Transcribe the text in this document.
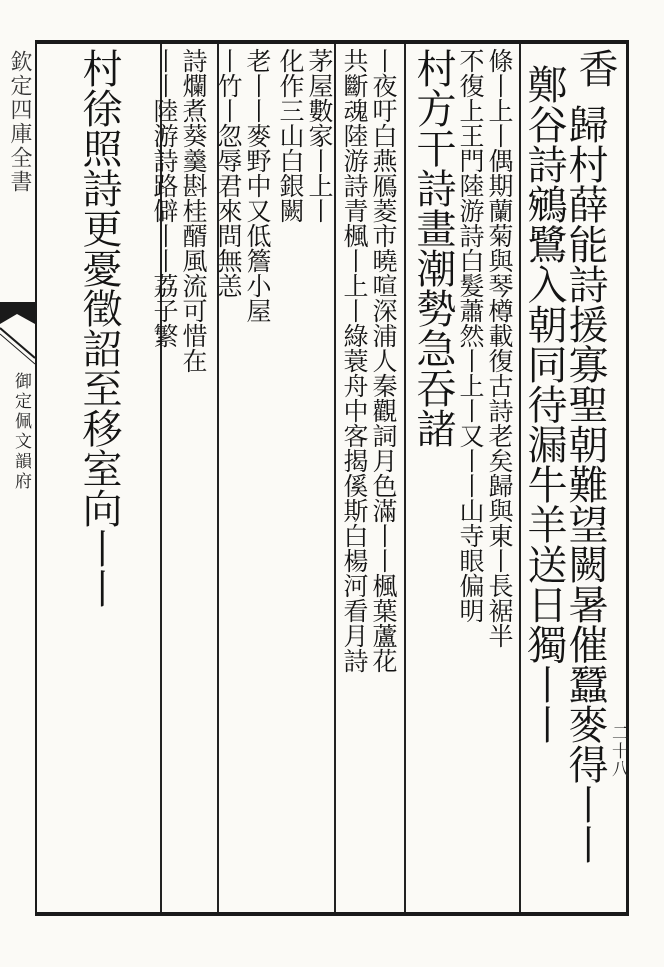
欽定四庫全書
御定佩文韻府
香
歸村薛能詩援寡聖朝難望闕暑催蠶麥得丨丨
鄭谷詩鵷鷺入朝同待漏牛羊送日獨丨丨
條丨上丨偶期蘭菊與琴樽載復古詩老矣歸與東丨長裾半
不復上王門陸游詩白髮蕭然丨上丨又丨丨山寺眼偏明
村方干詩畫潮勢急吞諸
丨夜吁白燕鴈菱市曉喧深浦人秦觀詞月色滿丨丨楓葉蘆花
共斷魂陸游詩青楓丨上丨綠蓑舟中客揭傒斯白楊河看月詩
茅屋數家丨上丨
化作三山白銀闕
老丨丨麥野中又低簷小屋
丨竹丨忽辱君來問無恙
詩爛煮葵羹斟桂醑風流可惜在
丨丨陸游詩路僻丨丨荔子繁
村徐照詩更憂徵詔至移室向丨丨
二十八
